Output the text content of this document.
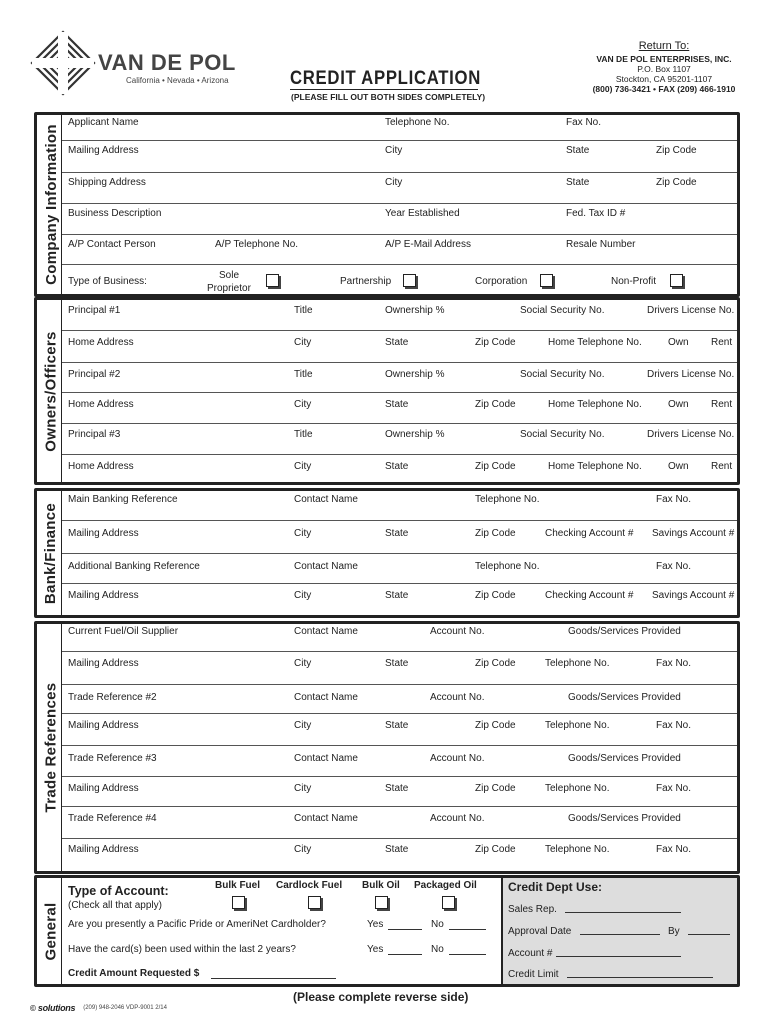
VAN DE POL
California • Nevada • Arizona	CREDIT APPLICATION
(PLEASE FILL OUT BOTH SIDES COMPLETELY)
Return To:
VAN DE POL ENTERPRISES, INC.
P.O. Box 1107
Stockton, CA 95201-1107
(800) 736-3421 • FAX (209) 466-1910
Company Information
Applicant Name	Telephone No.	Fax No.
Mailing Address	City	State	Zip Code
Shipping Address	City	State	Zip Code
Business Description	Year Established	Fed. Tax ID #
A/P Contact Person	A/P Telephone No.	A/P E-Mail Address	Resale Number
Type of Business:
Sole
Proprietor
Partnership	Corporation	Non-Profit
Owners/Officers
Principal #1	Title	Ownership %	Social Security No.	Drivers License No.
Home Address	City	State	Zip Code	Home Telephone No.	Own Rent
Principal #2	Title	Ownership %	Social Security No.	Drivers License No.
Home Address	City	State	Zip Code	Home Telephone No.	Own Rent
Principal #3	Title	Ownership %	Social Security No.	Drivers License No.
Home Address	City	State	Zip Code	Home Telephone No.	Own Rent
Bank/Finance
Main Banking Reference	Contact Name	Telephone No.	Fax No.
Mailing Address	City	State	Zip Code	Checking Account # Savings Account #
Additional Banking Reference	Contact Name	Telephone No.	Fax No.
Mailing Address	City	State	Zip Code	Checking Account # Savings Account #
Trade References
Current Fuel/Oil Supplier	Contact Name	Account No.	Goods/Services Provided
Mailing Address	City	State	Zip Code	Telephone No.	Fax No.
Trade Reference #2	Contact Name	Account No.	Goods/Services Provided
Mailing Address	City	State	Zip Code	Telephone No.	Fax No.
Trade Reference #3	Contact Name	Account No.	Goods/Services Provided
Mailing Address	City	State	Zip Code	Telephone No.	Fax No.
Trade Reference #4	Contact Name	Account No.	Goods/Services Provided
Mailing Address	City	State	Zip Code	Telephone No.	Fax No.
General
Type of Account:
(Check all that apply)
Bulk Fuel Cardlock Fuel Bulk Oil Packaged Oil
Are you presently a Pacific Pride or AmeriNet Cardholder?	Yes	No
Have the card(s) been used within the last 2 years?	Yes	No
Credit Amount Requested $
Credit Dept Use:
Sales Rep.
Approval Date	By
Account #
Credit Limit
(Please complete reverse side)
© solutions (209) 948-2046 VDP-9001 2/14
